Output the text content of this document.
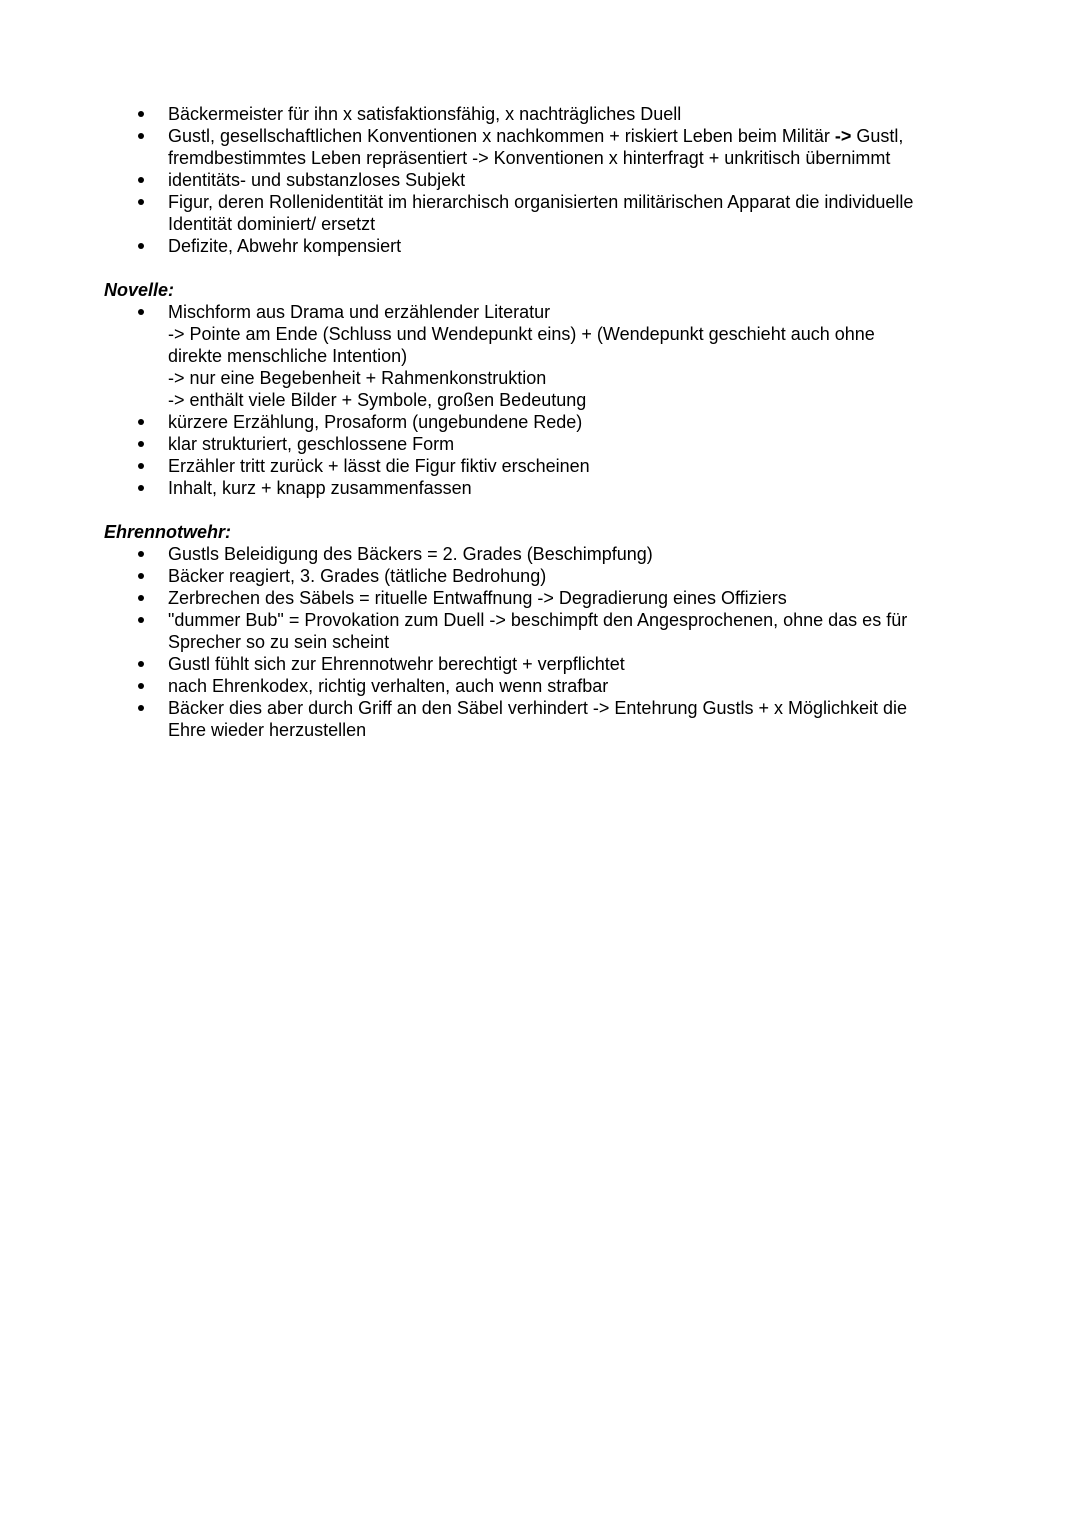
Bäckermeister für ihn x satisfaktionsfähig, x nachträgliches Duell
Gustl, gesellschaftlichen Konventionen x nachkommen + riskiert Leben beim Militär -> Gustl,
fremdbestimmtes Leben repräsentiert -> Konventionen x hinterfragt + unkritisch übernimmt
identitäts- und substanzloses Subjekt
Figur, deren Rollenidentität im hierarchisch organisierten militärischen Apparat die individuelle
Identität dominiert/ ersetzt
Defizite, Abwehr kompensiert
Novelle:
Mischform aus Drama und erzählender Literatur
-> Pointe am Ende (Schluss und Wendepunkt eins) + (Wendepunkt geschieht auch ohne
direkte menschliche Intention)
-> nur eine Begebenheit + Rahmenkonstruktion
-> enthält viele Bilder + Symbole, großen Bedeutung
kürzere Erzählung, Prosaform (ungebundene Rede)
klar strukturiert, geschlossene Form
Erzähler tritt zurück + lässt die Figur fiktiv erscheinen
Inhalt, kurz + knapp zusammenfassen
Ehrennotwehr:
Gustls Beleidigung des Bäckers = 2. Grades (Beschimpfung)
Bäcker reagiert, 3. Grades (tätliche Bedrohung)
Zerbrechen des Säbels = rituelle Entwaffnung -> Degradierung eines Offiziers
"dummer Bub" = Provokation zum Duell -> beschimpft den Angesprochenen, ohne das es für
Sprecher so zu sein scheint
Gustl fühlt sich zur Ehrennotwehr berechtigt + verpflichtet
nach Ehrenkodex, richtig verhalten, auch wenn strafbar
Bäcker dies aber durch Griff an den Säbel verhindert -> Entehrung Gustls + x Möglichkeit die
Ehre wieder herzustellen
